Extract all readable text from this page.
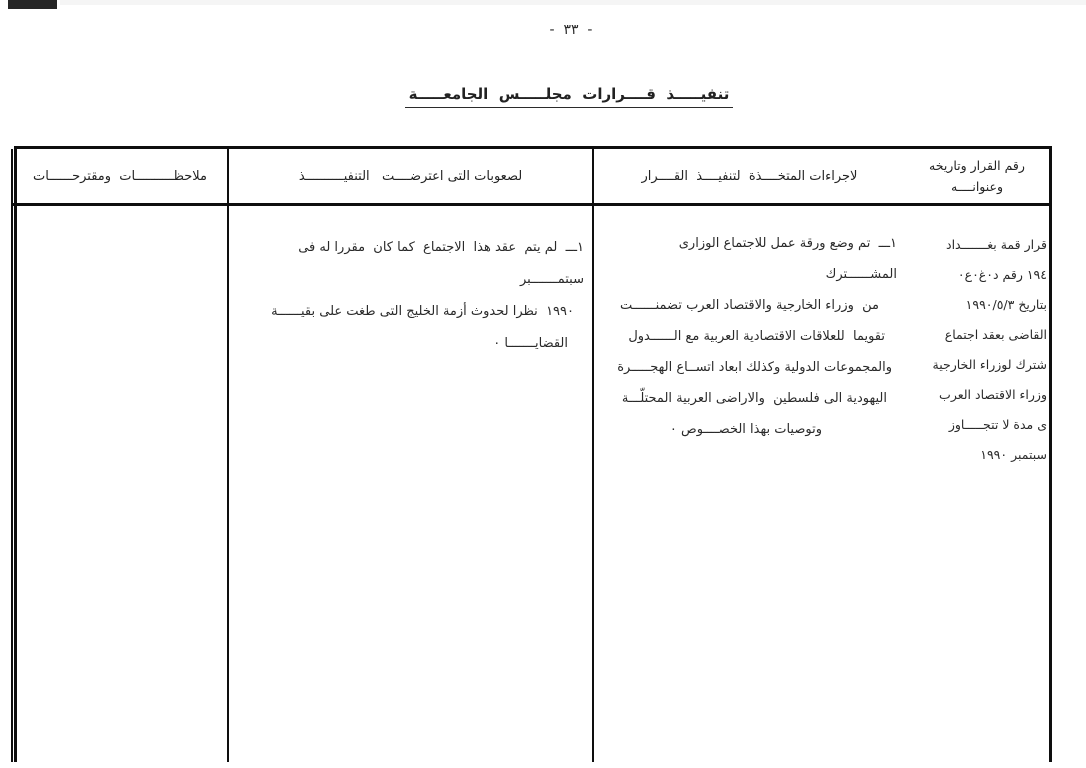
-  ٣٣  -
تنفيـــــذ  قــــرارات  مجلـــــس  الجامعـــــة
رقم القرار وتاريخه
وعنوانــــه
لاجراءات المتخــــذة  لتنفيــــذ  القــــرار
لصعوبات التى اعترضــــت   التنفيــــــــــذ
ملاحظــــــــــات  ومقترحــــــات
قرار قمة بغـــــــداد
١٩٤ رقم د٠غ٠ع٠
بتاريخ ١٩٩٠/٥/٣
القاضى بعقد اجتماع
شترك لوزراء الخارجية
وزراء الاقتصاد العرب
ى مدة لا تتجـــــاوز
سبتمبر ١٩٩٠
١ـــ  تم وضع ورقة عمل للاجتماع الوزارى المشــــــترك
من  وزراء الخارجية والاقتصاد العرب تضمنــــــت
تقويما  للعلاقات الاقتصادية العربية مع الــــــدول
والمجموعات الدولية وكذلك ابعاد اتســاع الهجـــــرة
اليهودية الى فلسطين  والاراضى العربية المحتلّـــة
وتوصيات بهذا الخصــــوص ٠
١ـــ  لم يتم  عقد هذا  الاجتماع  كما كان  مقررا له فى  سبتمـــــــبر
١٩٩٠  نظرا لحدوث أزمة الخليج التى طغت على بقيــــــة
القضايـــــــا ٠
